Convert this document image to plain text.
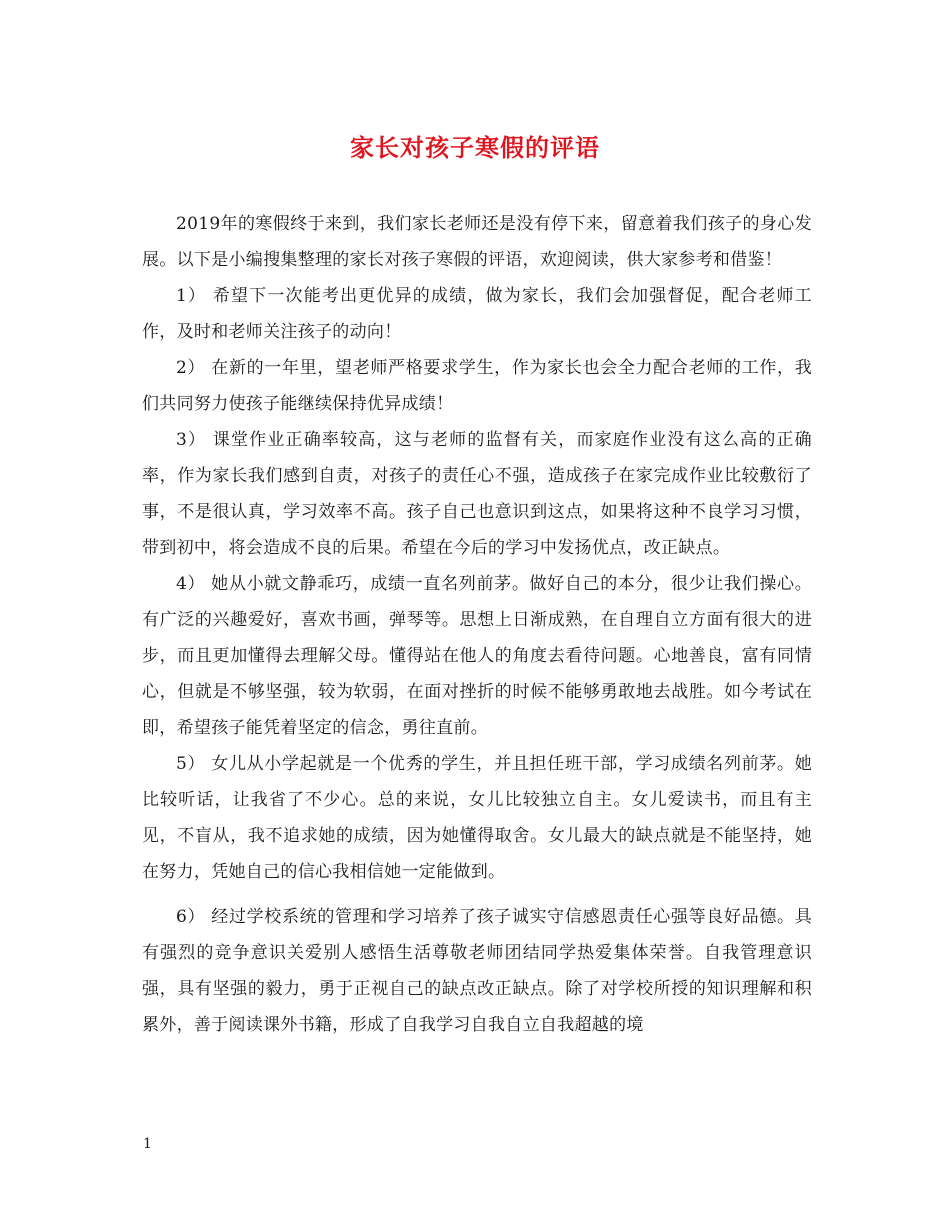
家长对孩子寒假的评语

2019年的寒假终于来到，我们家长老师还是没有停下来，留意着我们孩子的身心发展。以下是小编搜集整理的家长对孩子寒假的评语，欢迎阅读，供大家参考和借鉴！

1） 希望下一次能考出更优异的成绩，做为家长，我们会加强督促，配合老师工作，及时和老师关注孩子的动向！

2） 在新的一年里，望老师严格要求学生，作为家长也会全力配合老师的工作，我们共同努力使孩子能继续保持优异成绩！

3） 课堂作业正确率较高，这与老师的监督有关，而家庭作业没有这么高的正确率，作为家长我们感到自责，对孩子的责任心不强，造成孩子在家完成作业比较敷衍了事，不是很认真，学习效率不高。孩子自己也意识到这点，如果将这种不良学习习惯，带到初中，将会造成不良的后果。希望在今后的学习中发扬优点，改正缺点。

4） 她从小就文静乖巧，成绩一直名列前茅。做好自己的本分，很少让我们操心。有广泛的兴趣爱好，喜欢书画，弹琴等。思想上日渐成熟，在自理自立方面有很大的进步，而且更加懂得去理解父母。懂得站在他人的角度去看待问题。心地善良，富有同情心，但就是不够坚强，较为软弱，在面对挫折的时候不能够勇敢地去战胜。如今考试在即，希望孩子能凭着坚定的信念，勇往直前。

5） 女儿从小学起就是一个优秀的学生，并且担任班干部，学习成绩名列前茅。她比较听话，让我省了不少心。总的来说，女儿比较独立自主。女儿爱读书，而且有主见，不盲从，我不追求她的成绩，因为她懂得取舍。女儿最大的缺点就是不能坚持，她在努力，凭她自己的信心我相信她一定能做到。

6） 经过学校系统的管理和学习培养了孩子诚实守信感恩责任心强等良好品德。具有强烈的竞争意识关爱别人感悟生活尊敬老师团结同学热爱集体荣誉。自我管理意识强，具有坚强的毅力，勇于正视自己的缺点改正缺点。除了对学校所授的知识理解和积累外，善于阅读课外书籍，形成了自我学习自我自立自我超越的境

1
